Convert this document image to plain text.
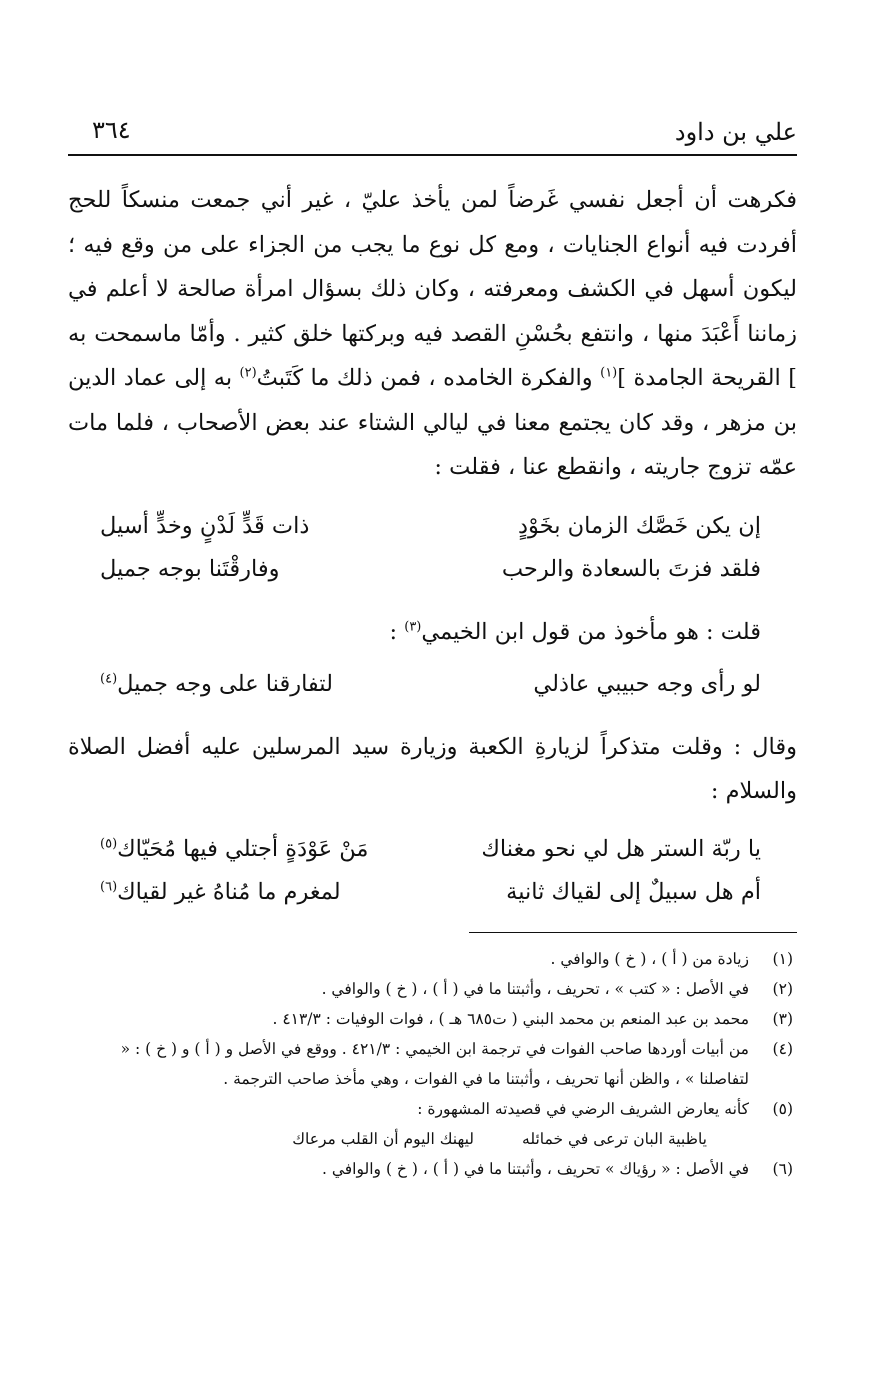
علي بن داود
٣٦٤
فكرهت أن أجعل نفسي غَرضاً لمن يأخذ عليّ ، غير أني جمعت منسكاً للحج أفردت فيه أنواع الجنايات ، ومع كل نوع ما يجب من الجزاء على من وقع فيه ؛ ليكون أسهل في الكشف ومعرفته ، وكان ذلك بسؤال امرأة صالحة لا أعلم في زماننا أَعْبَدَ منها ، وانتفع بحُسْنِ القصد فيه وبركتها خلق كثير . وأمّا ماسمحت به ] القريحة الجامدة ]$^{(١)}$ والفكرة الخامده ، فمن ذلك ما كَتَبتُ$^{(٢)}$ به إلى عماد الدين بن مزهر ، وقد كان يجتمع معنا في ليالي الشتاء عند بعض الأصحاب ، فلما مات عمّه تزوج جاريته ، وانقطع عنا ، فقلت :
إن يكن خَصَّك الزمان بخَوْدٍ
ذات قَدٍّ لَدْنٍ وخدٍّ أسيل
فلقد فزتَ بالسعادة والرحب
وفارقْتَنا بوجه جميل
قلت : هو مأخوذ من قول ابن الخيمي$^{(٣)}$ :
لو رأى وجه حبيبي عاذلي
لتفارقنا على وجه جميل$^{(٤)}$
وقال : وقلت متذكراً لزيارةِ الكعبة وزيارة سيد المرسلين عليه أفضل الصلاة والسلام :
يا ربّة الستر هل لي نحو مغناك
مَنْ عَوْدَةٍ أجتلي فيها مُحَيّاك$^{(٥)}$
أم هل سبيلٌ إلى لقياك ثانية
لمغرم ما مُناهُ غير لقياك$^{(٦)}$
(١)
زيادة من ( أ ) ، ( خ ) والوافي .
(٢)
في الأصل : « كتب » ، تحريف ، وأثبتنا ما في ( أ ) ، ( خ ) والوافي .
(٣)
محمد بن عبد المنعم بن محمد البني ( ت٦٨٥ هـ ) ، فوات الوفيات : ٤١٣/٣ .
(٤)
من أبيات أوردها صاحب الفوات في ترجمة ابن الخيمي : ٤٢١/٣ . ووقع في الأصل و ( أ ) و ( خ ) : « لتفاصلنا » ، والظن أنها تحريف ، وأثبتنا ما في الفوات ، وهي مأخذ صاحب الترجمة .
(٥)
كأنه يعارض الشريف الرضي في قصيدته المشهورة :
ياظبية البان ترعى في خمائله
ليهنك اليوم أن القلب مرعاك
(٦)
في الأصل : « رؤياك » تحريف ، وأثبتنا ما في ( أ ) ، ( خ ) والوافي .
